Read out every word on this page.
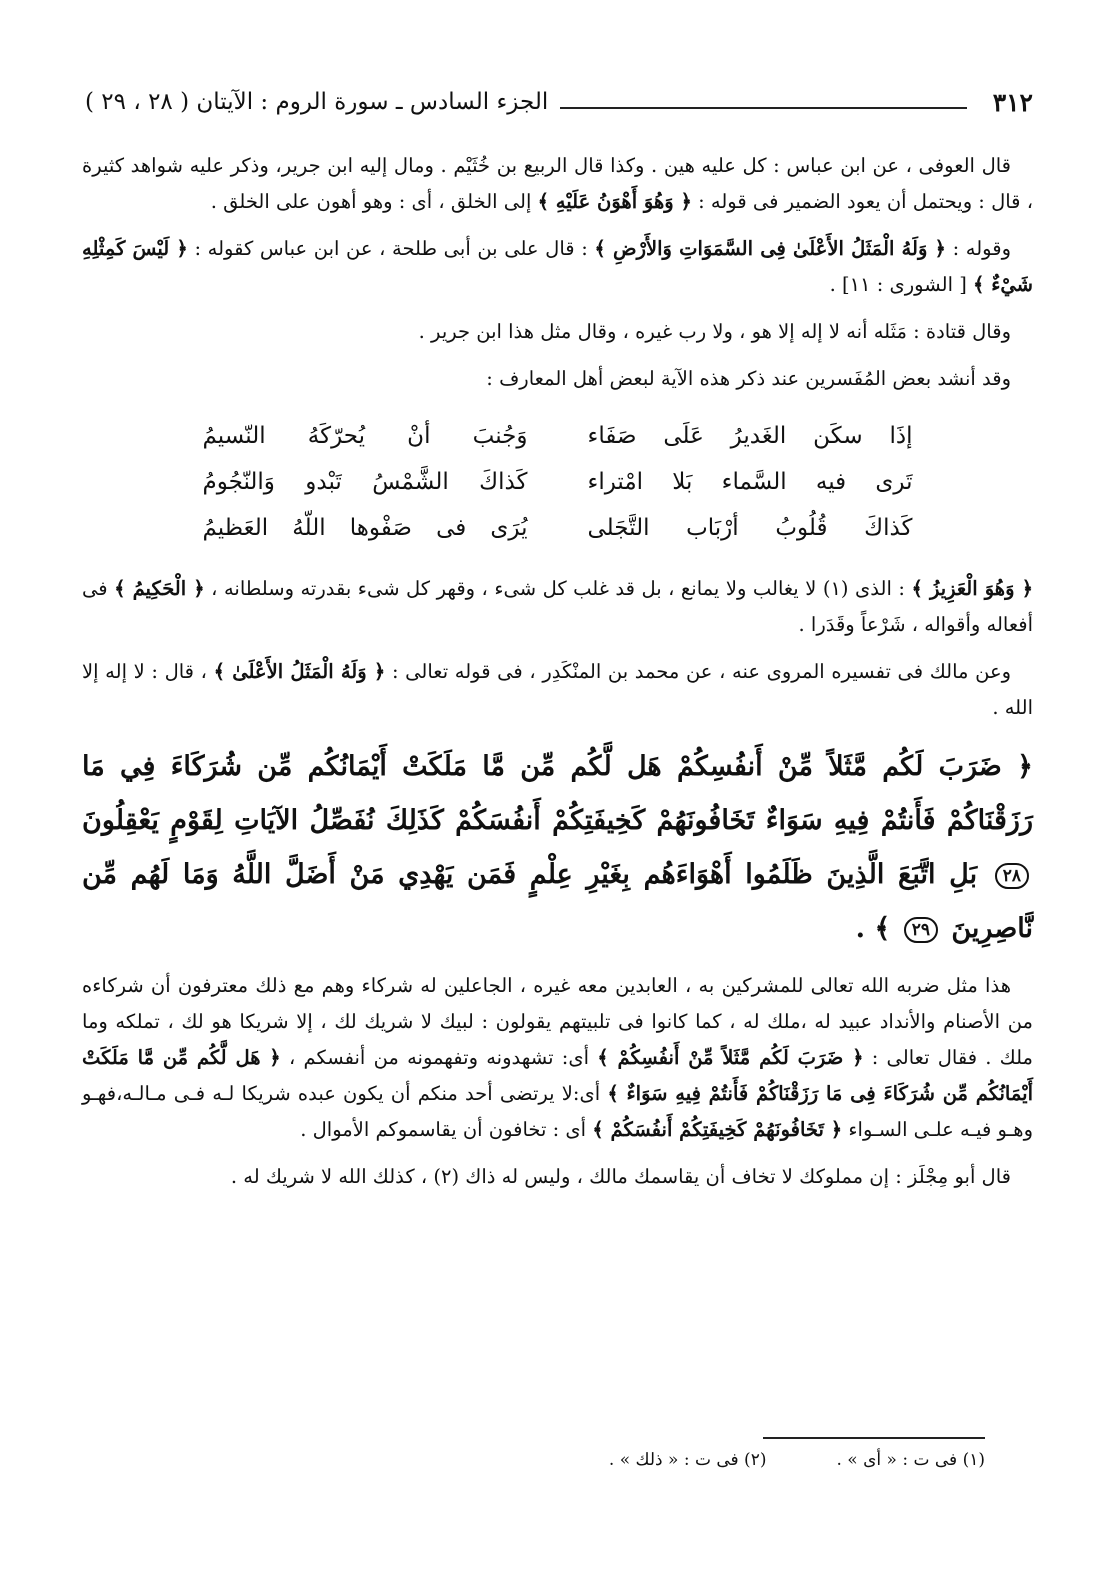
٣١٢
الجزء السادس ـ سورة الروم : الآيتان ( ٢٨ ، ٢٩ )

قال العوفى ، عن ابن عباس : كل عليه هين . وكذا قال الربيع بن خُثَيْم . ومال إليه ابن جرير، وذكر عليه شواهد كثيرة ، قال : ويحتمل أن يعود الضمير فى قوله : ﴿ وَهُوَ أَهْوَنُ عَلَيْهِ ﴾ إلى الخلق ، أى : وهو أهون على الخلق .

وقوله : ﴿ وَلَهُ الْمَثَلُ الأَعْلَىٰ فِى السَّمَوَاتِ وَالأَرْضِ ﴾ : قال على بن أبى طلحة ، عن ابن عباس كقوله : ﴿ لَيْسَ كَمِثْلِهِ شَيْءٌ ﴾ [ الشورى : ١١] .

وقال قتادة : مَثَله أنه لا إله إلا هو ، ولا رب غيره ، وقال مثل هذا ابن جرير .

وقد أنشد بعض المُفَسرين عند ذكر هذه الآية لبعض أهل المعارف :

إذَا سكَن الغَديرُ عَلَى صَفَاء
وَجُنبَ أنْ يُحرّكَهُ النّسيمُ
تَرى فيه السَّماء بَلا امْتراء
كَذاكَ الشَّمْسُ تَبْدو وَالنّجُومُ
كَذاكَ قُلُوبُ أرْبَاب التَّجَلى
يُرَى فى صَفْوها اللّهُ العَظيمُ

﴿ وَهُوَ الْعَزِيزُ ﴾ : الذى (١) لا يغالب ولا يمانع ، بل قد غلب كل شىء ، وقهر كل شىء بقدرته وسلطانه ، ﴿ الْحَكِيمُ ﴾ فى أفعاله وأقواله ، شَرْعاً وقَدَرا .

وعن مالك فى تفسيره المروى عنه ، عن محمد بن المنْكَدِر ، فى قوله تعالى : ﴿ وَلَهُ الْمَثَلُ الأَعْلَىٰ ﴾ ، قال : لا إله إلا الله .

﴿ ضَرَبَ لَكُم مَّثَلاً مِّنْ أَنفُسِكُمْ هَل لَّكُم مِّن مَّا مَلَكَتْ أَيْمَانُكُم مِّن شُرَكَاءَ فِي مَا رَزَقْنَاكُمْ فَأَنتُمْ فِيهِ سَوَاءٌ تَخَافُونَهُمْ كَخِيفَتِكُمْ أَنفُسَكُمْ كَذَلِكَ نُفَصِّلُ الآيَاتِ لِقَوْمٍ يَعْقِلُونَ ٢٨ بَلِ اتَّبَعَ الَّذِينَ ظَلَمُوا أَهْوَاءَهُم بِغَيْرِ عِلْمٍ فَمَن يَهْدِي مَنْ أَضَلَّ اللَّهُ وَمَا لَهُم مِّن نَّاصِرِينَ ٢٩ ﴾ .

هذا مثل ضربه الله تعالى للمشركين به ، العابدين معه غيره ، الجاعلين له شركاء وهم مع ذلك معترفون أن شركاءه من الأصنام والأنداد عبيد له ،ملك له ، كما كانوا فى تلبيتهم يقولون : لبيك لا شريك لك ، إلا شريكا هو لك ، تملكه وما ملك . فقال تعالى : ﴿ ضَرَبَ لَكُم مَّثَلاً مِّنْ أَنفُسِكُمْ ﴾ أى: تشهدونه وتفهمونه من أنفسكم ، ﴿ هَل لَّكُم مِّن مَّا مَلَكَتْ أَيْمَانُكُم مِّن شُرَكَاءَ فِى مَا رَزَقْنَاكُمْ فَأَنتُمْ فِيهِ سَوَاءٌ ﴾ أى:لا يرتضى أحد منكم أن يكون عبده شريكا لـه فـى مـالـه،فهـو وهـو فيـه علـى السـواء ﴿ تَخَافُونَهُمْ كَخِيفَتِكُمْ أَنفُسَكُمْ ﴾ أى : تخافون أن يقاسموكم الأموال .

قال أبو مِجْلَز : إن مملوكك لا تخاف أن يقاسمك مالك ، وليس له ذاك (٢) ، كذلك الله لا شريك له .

(١) فى ت : « أى » .
(٢) فى ت : « ذلك » .
